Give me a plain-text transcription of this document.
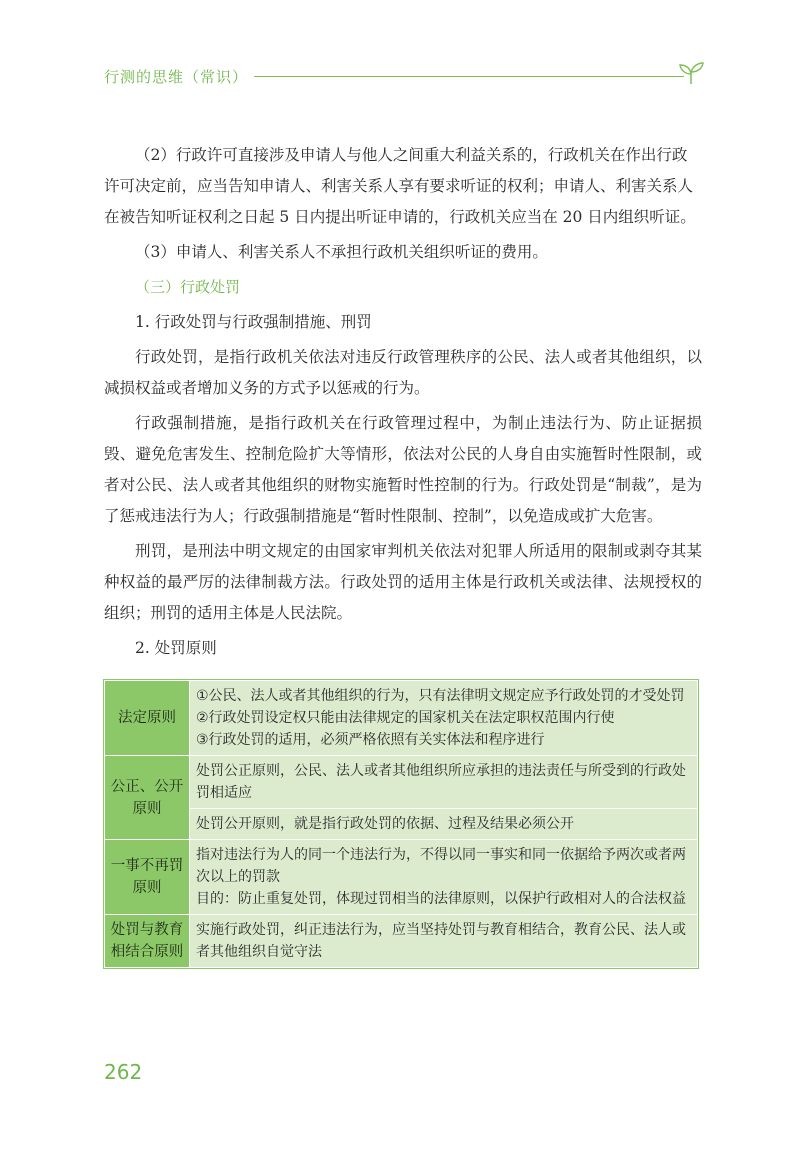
行测的思维（常识）

（2）行政许可直接涉及申请人与他人之间重大利益关系的，行政机关在作出行政许可决定前，应当告知申请人、利害关系人享有要求听证的权利；申请人、利害关系人在被告知听证权利之日起 5 日内提出听证申请的，行政机关应当在 20 日内组织听证。

（3）申请人、利害关系人不承担行政机关组织听证的费用。

（三）行政处罚

1. 行政处罚与行政强制措施、刑罚

行政处罚，是指行政机关依法对违反行政管理秩序的公民、法人或者其他组织，以减损权益或者增加义务的方式予以惩戒的行为。

行政强制措施，是指行政机关在行政管理过程中，为制止违法行为、防止证据损毁、避免危害发生、控制危险扩大等情形，依法对公民的人身自由实施暂时性限制，或者对公民、法人或者其他组织的财物实施暂时性控制的行为。行政处罚是“制裁”，是为了惩戒违法行为人；行政强制措施是“暂时性限制、控制”，以免造成或扩大危害。

刑罚，是刑法中明文规定的由国家审判机关依法对犯罪人所适用的限制或剥夺其某种权益的最严厉的法律制裁方法。行政处罚的适用主体是行政机关或法律、法规授权的组织；刑罚的适用主体是人民法院。

2. 处罚原则

法定原则	①公民、法人或者其他组织的行为，只有法律明文规定应予行政处罚的才受处罚
②行政处罚设定权只能由法律规定的国家机关在法定职权范围内行使
③行政处罚的适用，必须严格依照有关实体法和程序进行

公正、公开原则	处罚公正原则，公民、法人或者其他组织所应承担的违法责任与所受到的行政处罚相适应
	处罚公开原则，就是指行政处罚的依据、过程及结果必须公开
一事不再罚原则	指对违法行为人的同一个违法行为，不得以同一事实和同一依据给予两次或者两次以上的罚款
目的：防止重复处罚，体现过罚相当的法律原则，以保护行政相对人的合法权益

处罚与教育相结合原则	实施行政处罚，纠正违法行为，应当坚持处罚与教育相结合，教育公民、法人或者其他组织自觉守法
262
